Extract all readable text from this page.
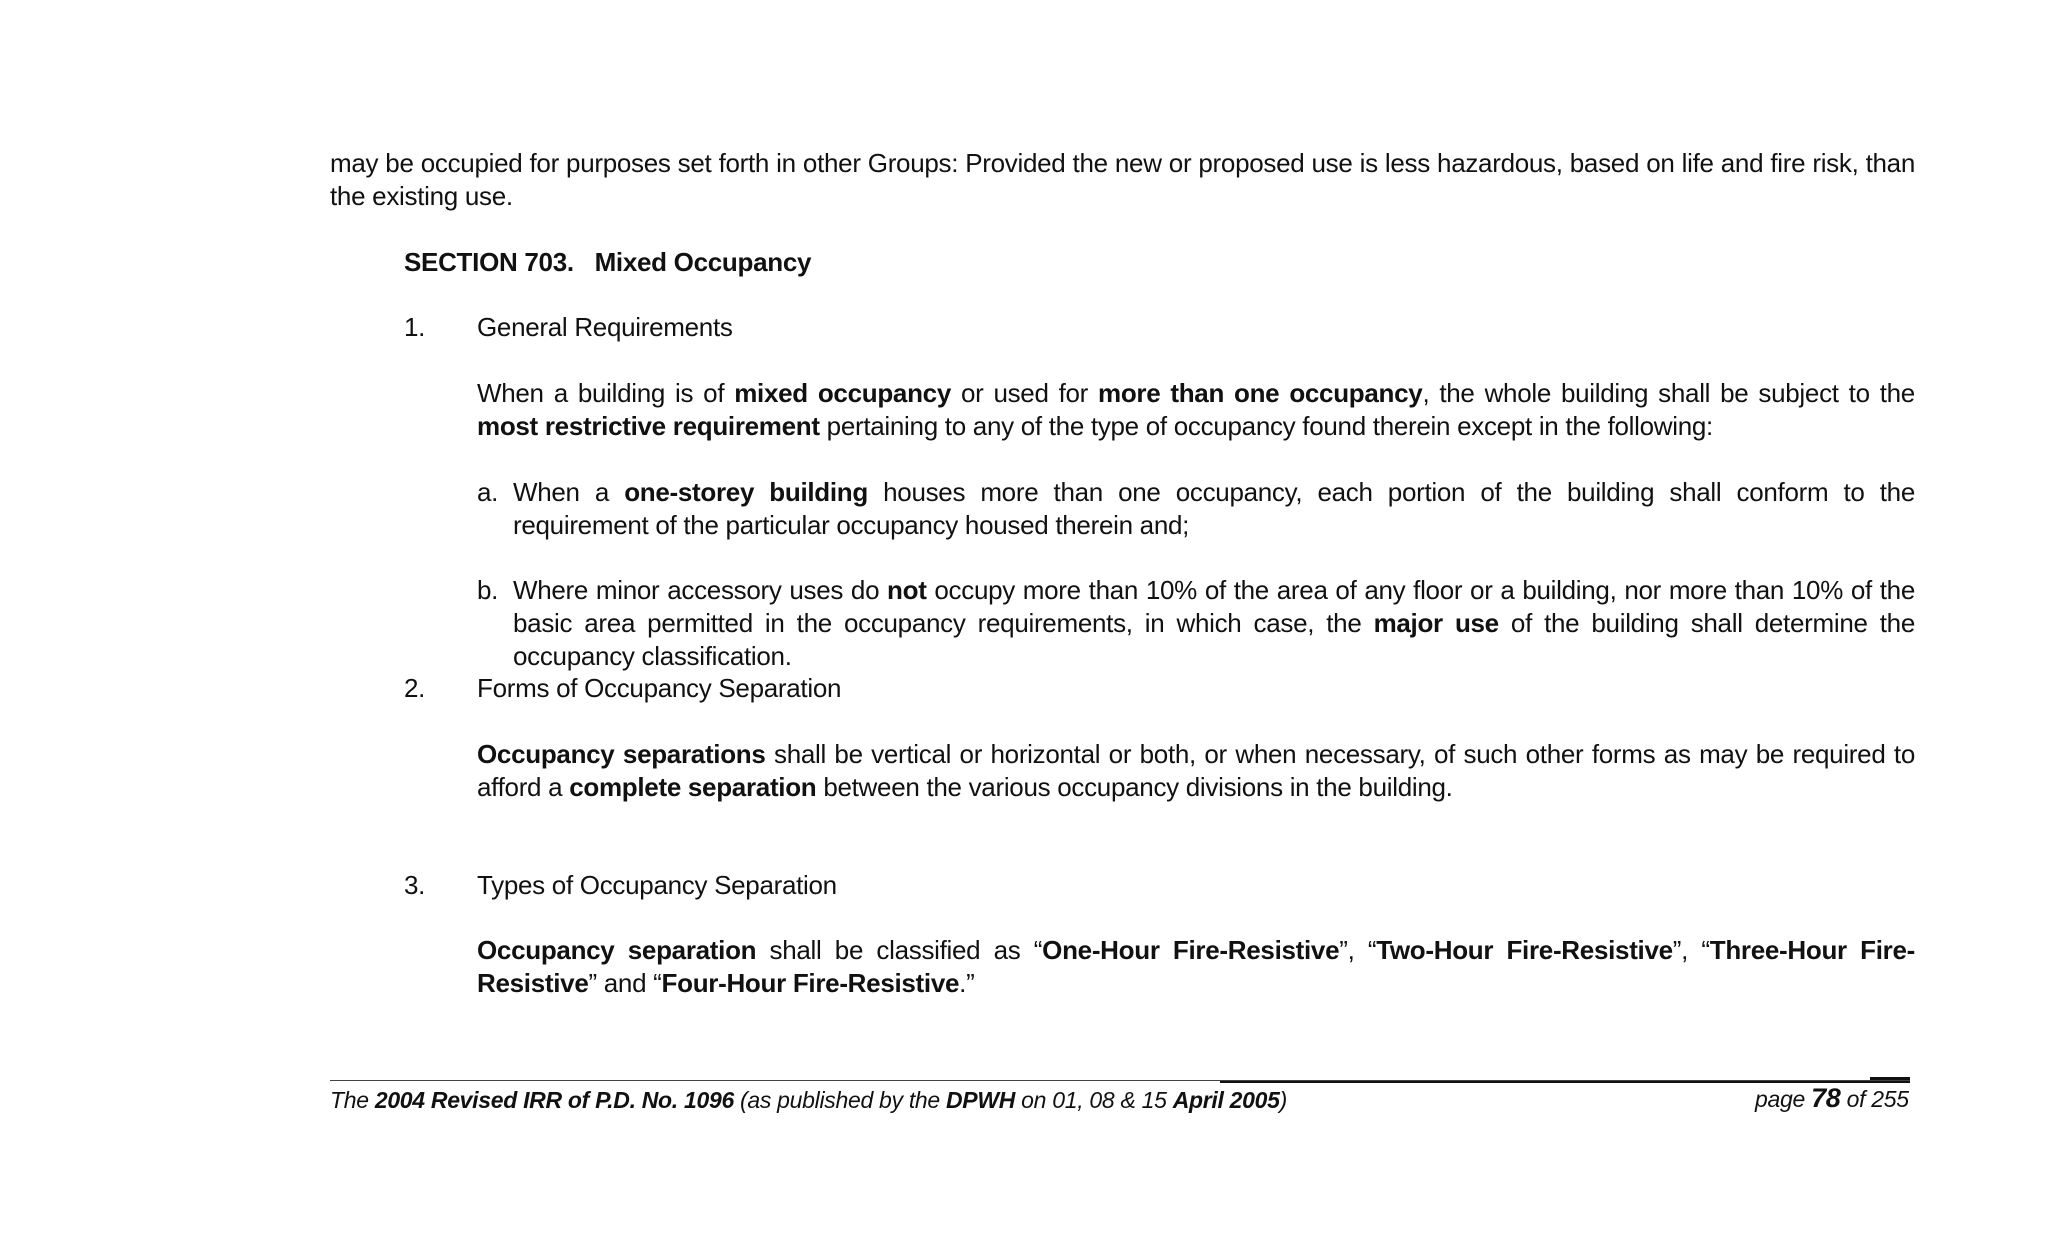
may be occupied for purposes set forth in other Groups: Provided the new or proposed use is less hazardous, based on life and fire risk, than the existing use.

SECTION 703. Mixed Occupancy
1. General Requirements

When a building is of mixed occupancy or used for more than one occupancy, the whole building shall be subject to the most restrictive requirement pertaining to any of the type of occupancy found therein except in the following:

a. When a one-storey building houses more than one occupancy, each portion of the building shall conform to the requirement of the particular occupancy housed therein and;

b. Where minor accessory uses do not occupy more than 10% of the area of any floor or a building, nor more than 10% of the basic area permitted in the occupancy requirements, in which case, the major use of the building shall determine the occupancy classification.

2. Forms of Occupancy Separation

Occupancy separations shall be vertical or horizontal or both, or when necessary, of such other forms as may be required to afford a complete separation between the various occupancy divisions in the building.

3. Types of Occupancy Separation

Occupancy separation shall be classified as “One-Hour Fire-Resistive”, “Two-Hour Fire-Resistive”, “Three-Hour Fire-Resistive” and “Four-Hour Fire-Resistive.”

The 2004 Revised IRR of P.D. No. 1096 (as published by the DPWH on 01, 08 & 15 April 2005)	page 78 of 255
